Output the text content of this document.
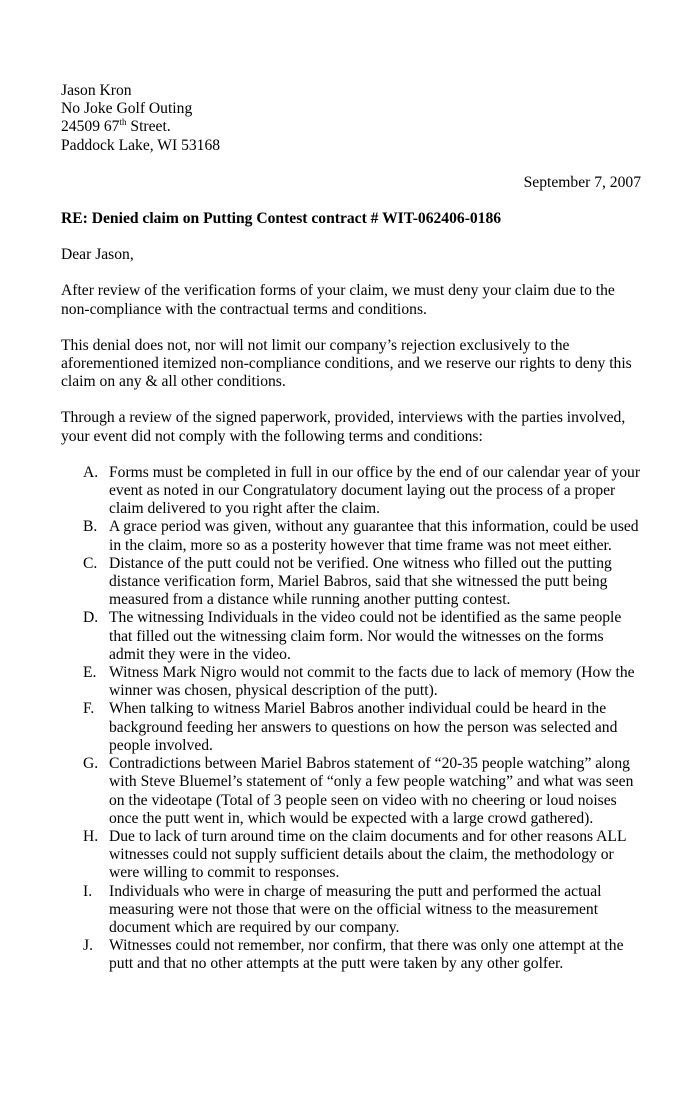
Jason Kron
No Joke Golf Outing
24509 67th Street.
Paddock Lake, WI 53168
September 7, 2007
RE: Denied claim on Putting Contest contract # WIT-062406-0186
Dear Jason,

After review of the verification forms of your claim, we must deny your claim due to the non-compliance with the contractual terms and conditions.

This denial does not, nor will not limit our company’s rejection exclusively to the aforementioned itemized non-compliance conditions, and we reserve our rights to deny this claim on any & all other conditions.

Through a review of the signed paperwork, provided, interviews with the parties involved, your event did not comply with the following terms and conditions:

A. Forms must be completed in full in our office by the end of our calendar year of your event as noted in our Congratulatory document laying out the process of a proper claim delivered to you right after the claim.
B. A grace period was given, without any guarantee that this information, could be used in the claim, more so as a posterity however that time frame was not meet either.
C. Distance of the putt could not be verified. One witness who filled out the putting distance verification form, Mariel Babros, said that she witnessed the putt being measured from a distance while running another putting contest.
D. The witnessing Individuals in the video could not be identified as the same people that filled out the witnessing claim form. Nor would the witnesses on the forms admit they were in the video.
E. Witness Mark Nigro would not commit to the facts due to lack of memory (How the winner was chosen, physical description of the putt).
F. When talking to witness Mariel Babros another individual could be heard in the background feeding her answers to questions on how the person was selected and people involved.
G. Contradictions between Mariel Babros statement of “20-35 people watching” along with Steve Bluemel’s statement of “only a few people watching” and what was seen on the videotape (Total of 3 people seen on video with no cheering or loud noises once the putt went in, which would be expected with a large crowd gathered).
H. Due to lack of turn around time on the claim documents and for other reasons ALL witnesses could not supply sufficient details about the claim, the methodology or were willing to commit to responses.
I. Individuals who were in charge of measuring the putt and performed the actual measuring were not those that were on the official witness to the measurement document which are required by our company.
J. Witnesses could not remember, nor confirm, that there was only one attempt at the putt and that no other attempts at the putt were taken by any other golfer.
